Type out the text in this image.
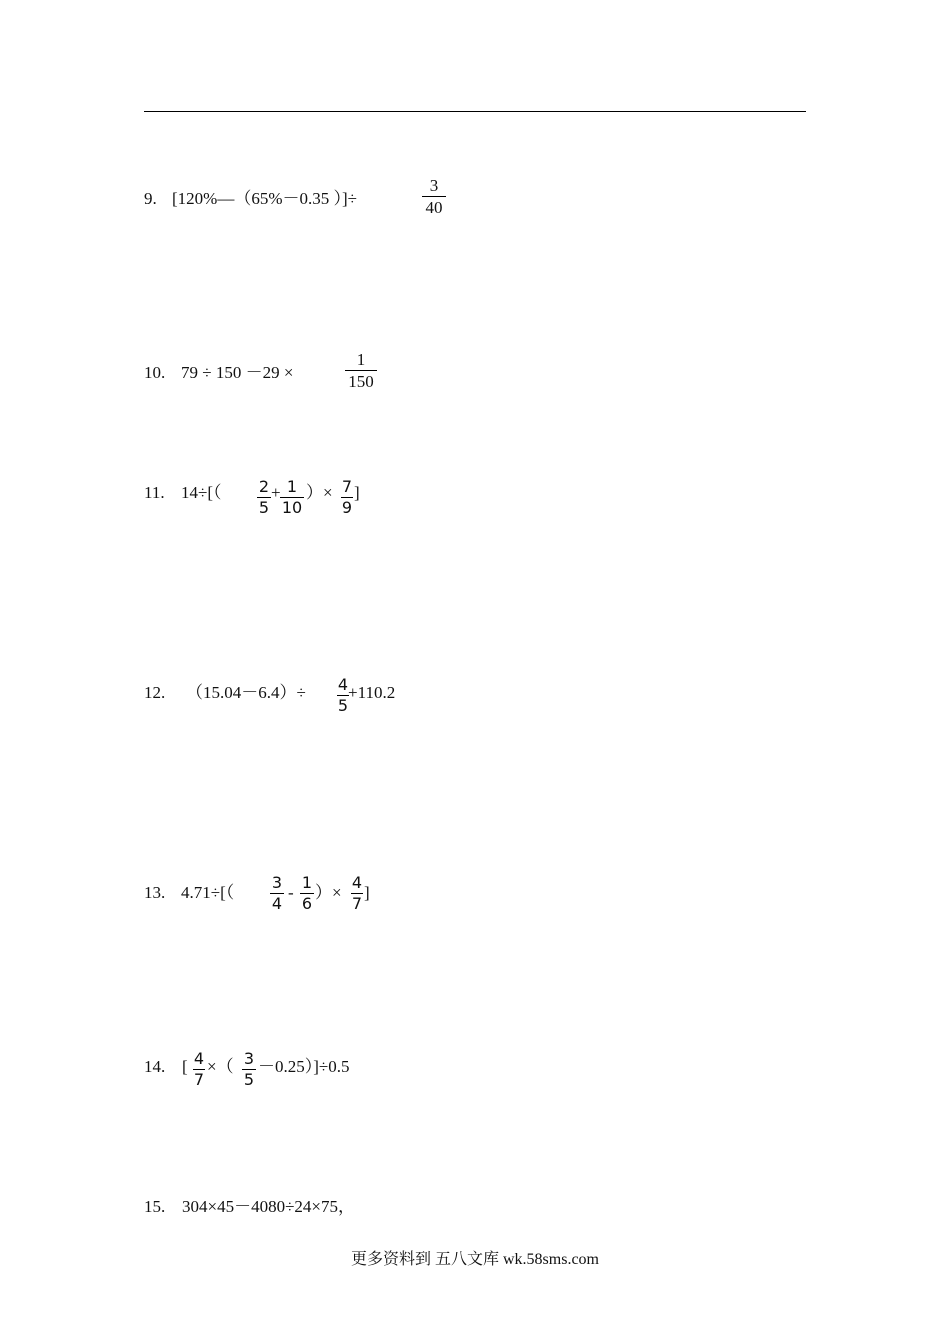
9. [120%—（65%－0.35 ）]÷
3
40
10. 79 ÷ 150 －29 ×
1
150
11. 14÷[（ 2
5
+ 1
10
）× 7
9
]
12. （15.04－6.4）÷ 4
5
+110.2
13. 4.71÷[（
3
4
-
1
6
）×
4
7
]
14. [ 4
7
×（ 3
5
－0.25）]÷0.5
15. 304×45－4080÷24×75，
更多资料到 五八文库 wk.58sms.com
